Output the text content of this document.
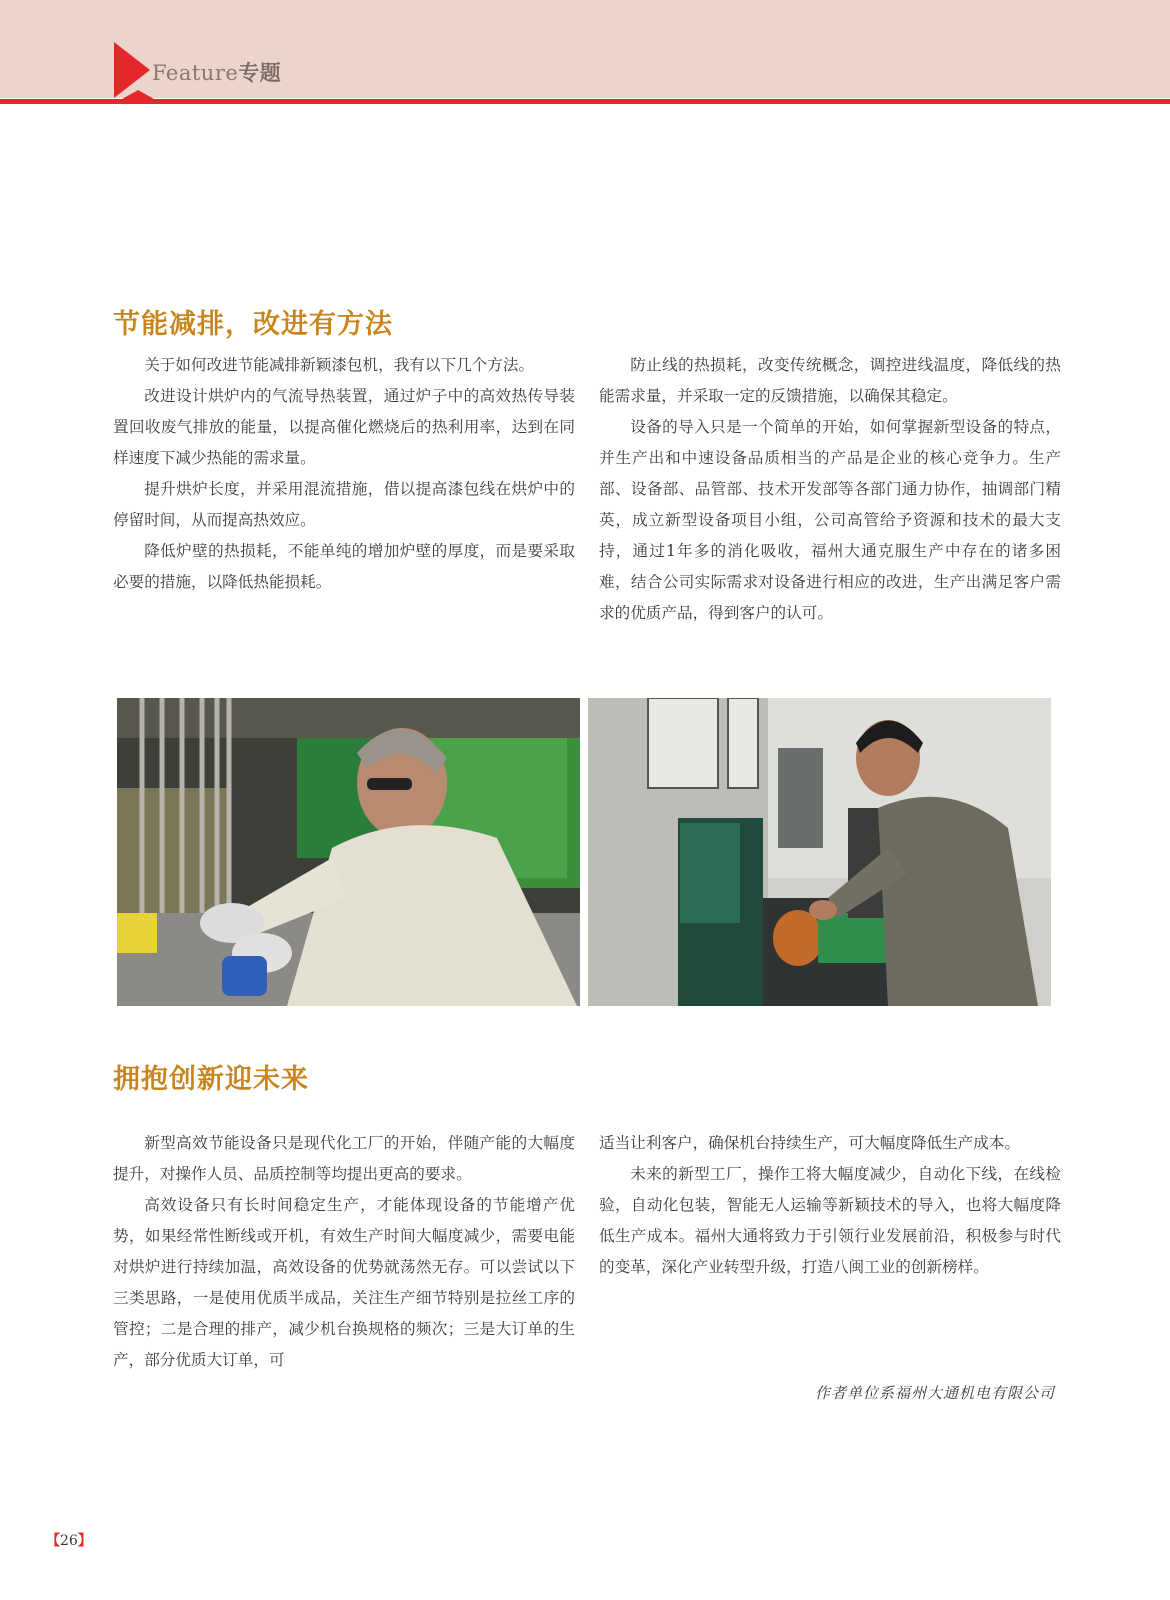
Feature专题
节能减排，改进有方法

关于如何改进节能减排新颖漆包机，我有以下几个方法。

改进设计烘炉内的气流导热装置，通过炉子中的高效热传导装置回收废气排放的能量，以提高催化燃烧后的热利用率，达到在同样速度下减少热能的需求量。

提升烘炉长度，并采用混流措施，借以提高漆包线在烘炉中的停留时间，从而提高热效应。

降低炉壁的热损耗，不能单纯的增加炉壁的厚度，而是要采取必要的措施，以降低热能损耗。

防止线的热损耗，改变传统概念，调控进线温度，降低线的热能需求量，并采取一定的反馈措施，以确保其稳定。

设备的导入只是一个简单的开始，如何掌握新型设备的特点，并生产出和中速设备品质相当的产品是企业的核心竞争力。生产部、设备部、品管部、技术开发部等各部门通力协作，抽调部门精英，成立新型设备项目小组，公司高管给予资源和技术的最大支持，通过1年多的消化吸收，福州大通克服生产中存在的诸多困难，结合公司实际需求对设备进行相应的改进，生产出满足客户需求的优质产品，得到客户的认可。

拥抱创新迎未来

新型高效节能设备只是现代化工厂的开始，伴随产能的大幅度提升，对操作人员、品质控制等均提出更高的要求。

高效设备只有长时间稳定生产，才能体现设备的节能增产优势，如果经常性断线或开机，有效生产时间大幅度减少，需要电能对烘炉进行持续加温，高效设备的优势就荡然无存。可以尝试以下三类思路，一是使用优质半成品，关注生产细节特别是拉丝工序的管控；二是合理的排产，减少机台换规格的频次；三是大订单的生产，部分优质大订单，可

适当让利客户，确保机台持续生产，可大幅度降低生产成本。

未来的新型工厂，操作工将大幅度减少，自动化下线，在线检验，自动化包装，智能无人运输等新颖技术的导入，也将大幅度降低生产成本。福州大通将致力于引领行业发展前沿，积极参与时代的变革，深化产业转型升级，打造八闽工业的创新榜样。

作者单位系福州大通机电有限公司
【26】
